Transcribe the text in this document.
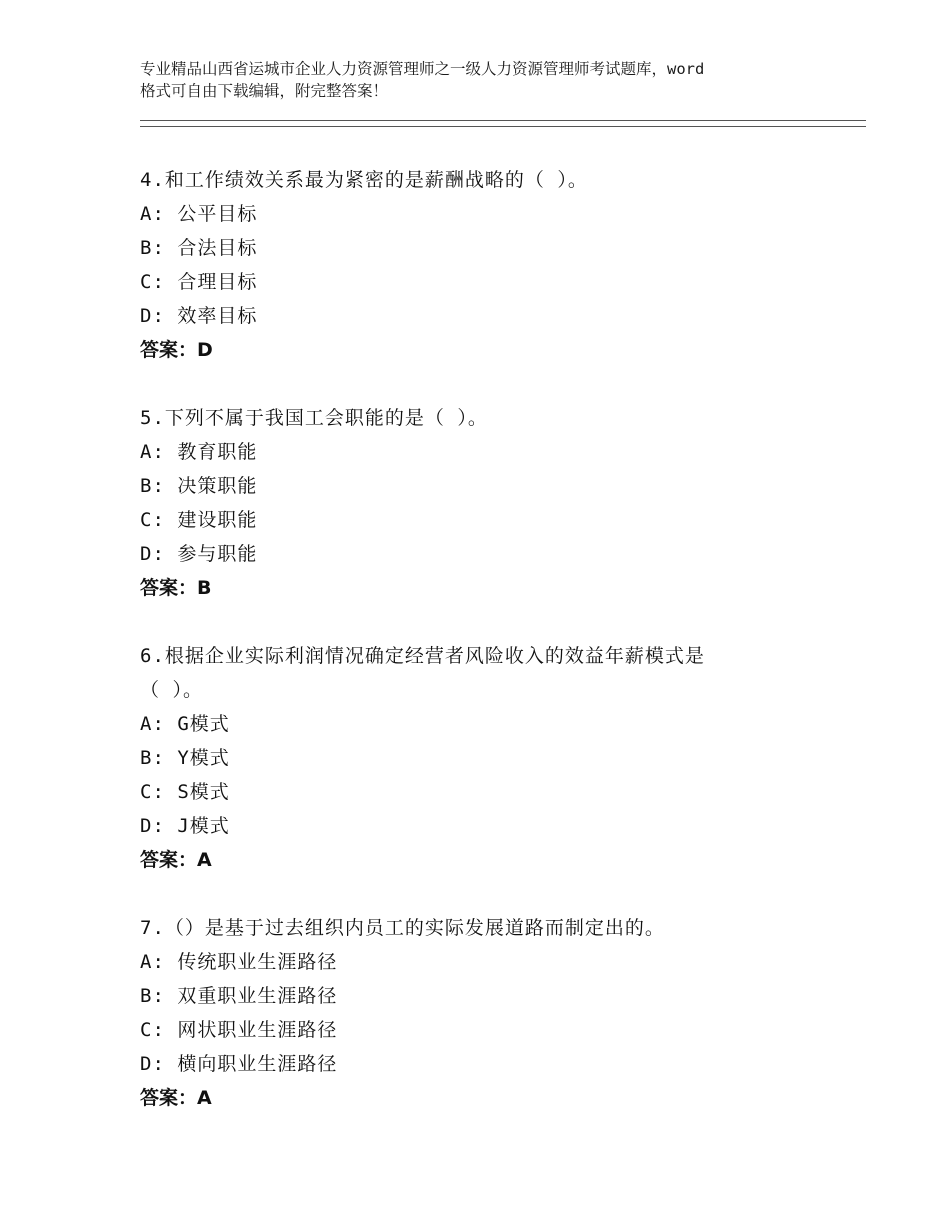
专业精品山西省运城市企业人力资源管理师之一级人力资源管理师考试题库，word
格式可自由下载编辑，附完整答案！
4.和工作绩效关系最为紧密的是薪酬战略的（ ）。
A: 公平目标
B: 合法目标
C: 合理目标
D: 效率目标
答案：D
5.下列不属于我国工会职能的是（ ）。
A: 教育职能
B: 决策职能
C: 建设职能
D: 参与职能
答案：B
6.根据企业实际利润情况确定经营者风险收入的效益年薪模式是
（ ）。
A: G模式
B: Y模式
C: S模式
D: J模式
答案：A
7.（）是基于过去组织内员工的实际发展道路而制定出的。
A: 传统职业生涯路径
B: 双重职业生涯路径
C: 网状职业生涯路径
D: 横向职业生涯路径
答案：A
